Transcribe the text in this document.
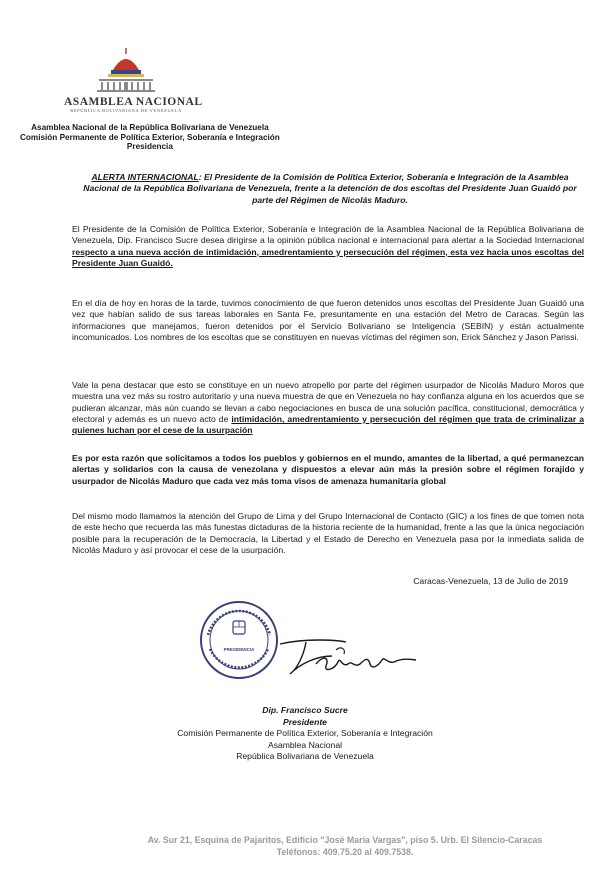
ASAMBLEA NACIONAL
REPÚBLICA BOLIVARIANA DE VENEZUELA
Asamblea Nacional de la República Bolivariana de Venezuela
Comisión Permanente de Política Exterior, Soberanía e Integración
Presidencia
ALERTA INTERNACIONAL: El Presidente de la Comisión de Política Exterior, Soberanía e Integración de la Asamblea Nacional de la República Bolivariana de Venezuela, frente a la detención de dos escoltas del Presidente Juan Guaidó por parte del Régimen de Nicolás Maduro.
El Presidente de la Comisión de Política Exterior, Soberanía e Integración de la Asamblea Nacional de la República Bolivariana de Venezuela, Dip. Francisco Sucre desea dirigirse a la opinión pública nacional e internacional para alertar a la Sociedad Internacional respecto a una nueva acción de intimidación, amedrentamiento y persecución del régimen, esta vez hacia unos escoltas del Presidente Juan Guaidó.
En el día de hoy en horas de la tarde, tuvimos conocimiento de que fueron detenidos unos escoltas del Presidente Juan Guaidó una vez que habían salido de sus tareas laborales en Santa Fe, presuntamente en una estación del Metro de Caracas. Según las informaciones que manejamos, fueron detenidos por el Servicio Bolivariano se Inteligencia (SEBIN) y están actualmente incomunicados. Los nombres de los escoltas que se constituyen en nuevas víctimas del régimen son, Erick Sánchez y Jason Parissi.
Vale la pena destacar que esto se constituye en un nuevo atropello por parte del régimen usurpador de Nicolás Maduro Moros que muestra una vez más su rostro autoritario y una nueva muestra de que en Venezuela no hay confianza alguna en los acuerdos que se pudieran alcanzar, más aún cuando se llevan a cabo negociaciones en busca de una solución pacífica, constitucional, democrática y electoral y además es un nuevo acto de intimidación, amedrentamiento y persecución del régimen que trata de criminalizar a quienes luchan por el cese de la usurpación
Es por esta razón que solicitamos a todos los pueblos y gobiernos en el mundo, amantes de la libertad, a qué permanezcan alertas y solidarios con la causa de venezolana y dispuestos a elevar aún más la presión sobre el régimen forajido y usurpador de Nicolás Maduro que cada vez más toma visos de amenaza humanitaria global
Del mismo modo llamamos la atención del Grupo de Lima y del Grupo Internacional de Contacto (GIC) a los fines de que tomen nota de este hecho que recuerda las más funestas dictaduras de la historia reciente de la humanidad, frente a las que la única negociación posible para la recuperación de la Democracia, la Libertad y el Estado de Derecho en Venezuela pasa por la inmediata salida de Nicolás Maduro y así provocar el cese de la usurpación.
Caracas-Venezuela, 13 de Julio de 2019
PRESIDENCIA
Dip. Francisco Sucre
Presidente
Comisión Permanente de Política Exterior, Soberanía e Integración
Asamblea Nacional
República Bolivariana de Venezuela
Av. Sur 21, Esquina de Pajaritos, Edificio "José María Vargas", piso 5. Urb. El Silencio-Caracas
Teléfonos: 409.75.20 al 409.7538.
